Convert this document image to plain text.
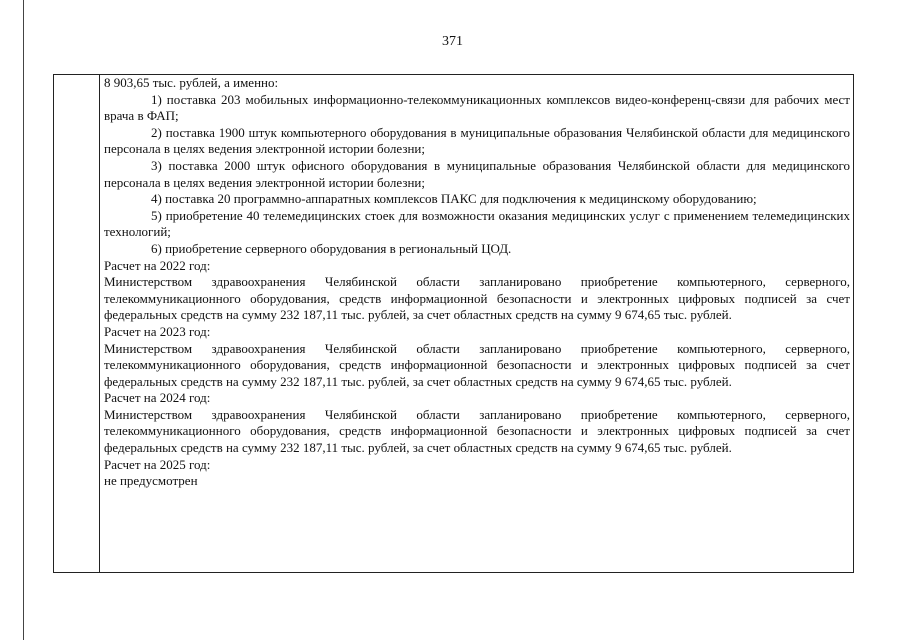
371

8 903,65 тыс. рублей, а именно:

1) поставка 203 мобильных информационно-телекоммуникационных комплексов видео-конференц-связи для рабочих мест врача в ФАП;

2) поставка 1900 штук компьютерного оборудования в муниципальные образования Челябинской области для медицинского персонала в целях ведения электронной истории болезни;

3) поставка 2000 штук офисного оборудования в муниципальные образования Челябинской области для медицинского персонала в целях ведения электронной истории болезни;

4) поставка 20 программно-аппаратных комплексов ПАКС для подключения к медицинскому оборудованию;

5) приобретение 40 телемедицинских стоек для возможности оказания медицинских услуг с применением телемедицинских технологий;

6) приобретение серверного оборудования в региональный ЦОД.

Расчет на 2022 год:

Министерством здравоохранения Челябинской области запланировано приобретение компьютерного, серверного, телекоммуникационного оборудования, средств информационной безопасности и электронных цифровых подписей за счет федеральных средств на сумму 232 187,11 тыс. рублей, за счет областных средств на сумму 9 674,65 тыс. рублей.

Расчет на 2023 год:

Министерством здравоохранения Челябинской области запланировано приобретение компьютерного, серверного, телекоммуникационного оборудования, средств информационной безопасности и электронных цифровых подписей за счет федеральных средств на сумму 232 187,11 тыс. рублей, за счет областных средств на сумму 9 674,65 тыс. рублей.

Расчет на 2024 год:

Министерством здравоохранения Челябинской области запланировано приобретение компьютерного, серверного, телекоммуникационного оборудования, средств информационной безопасности и электронных цифровых подписей за счет федеральных средств на сумму 232 187,11 тыс. рублей, за счет областных средств на сумму 9 674,65 тыс. рублей.

Расчет на 2025 год:

не предусмотрен
